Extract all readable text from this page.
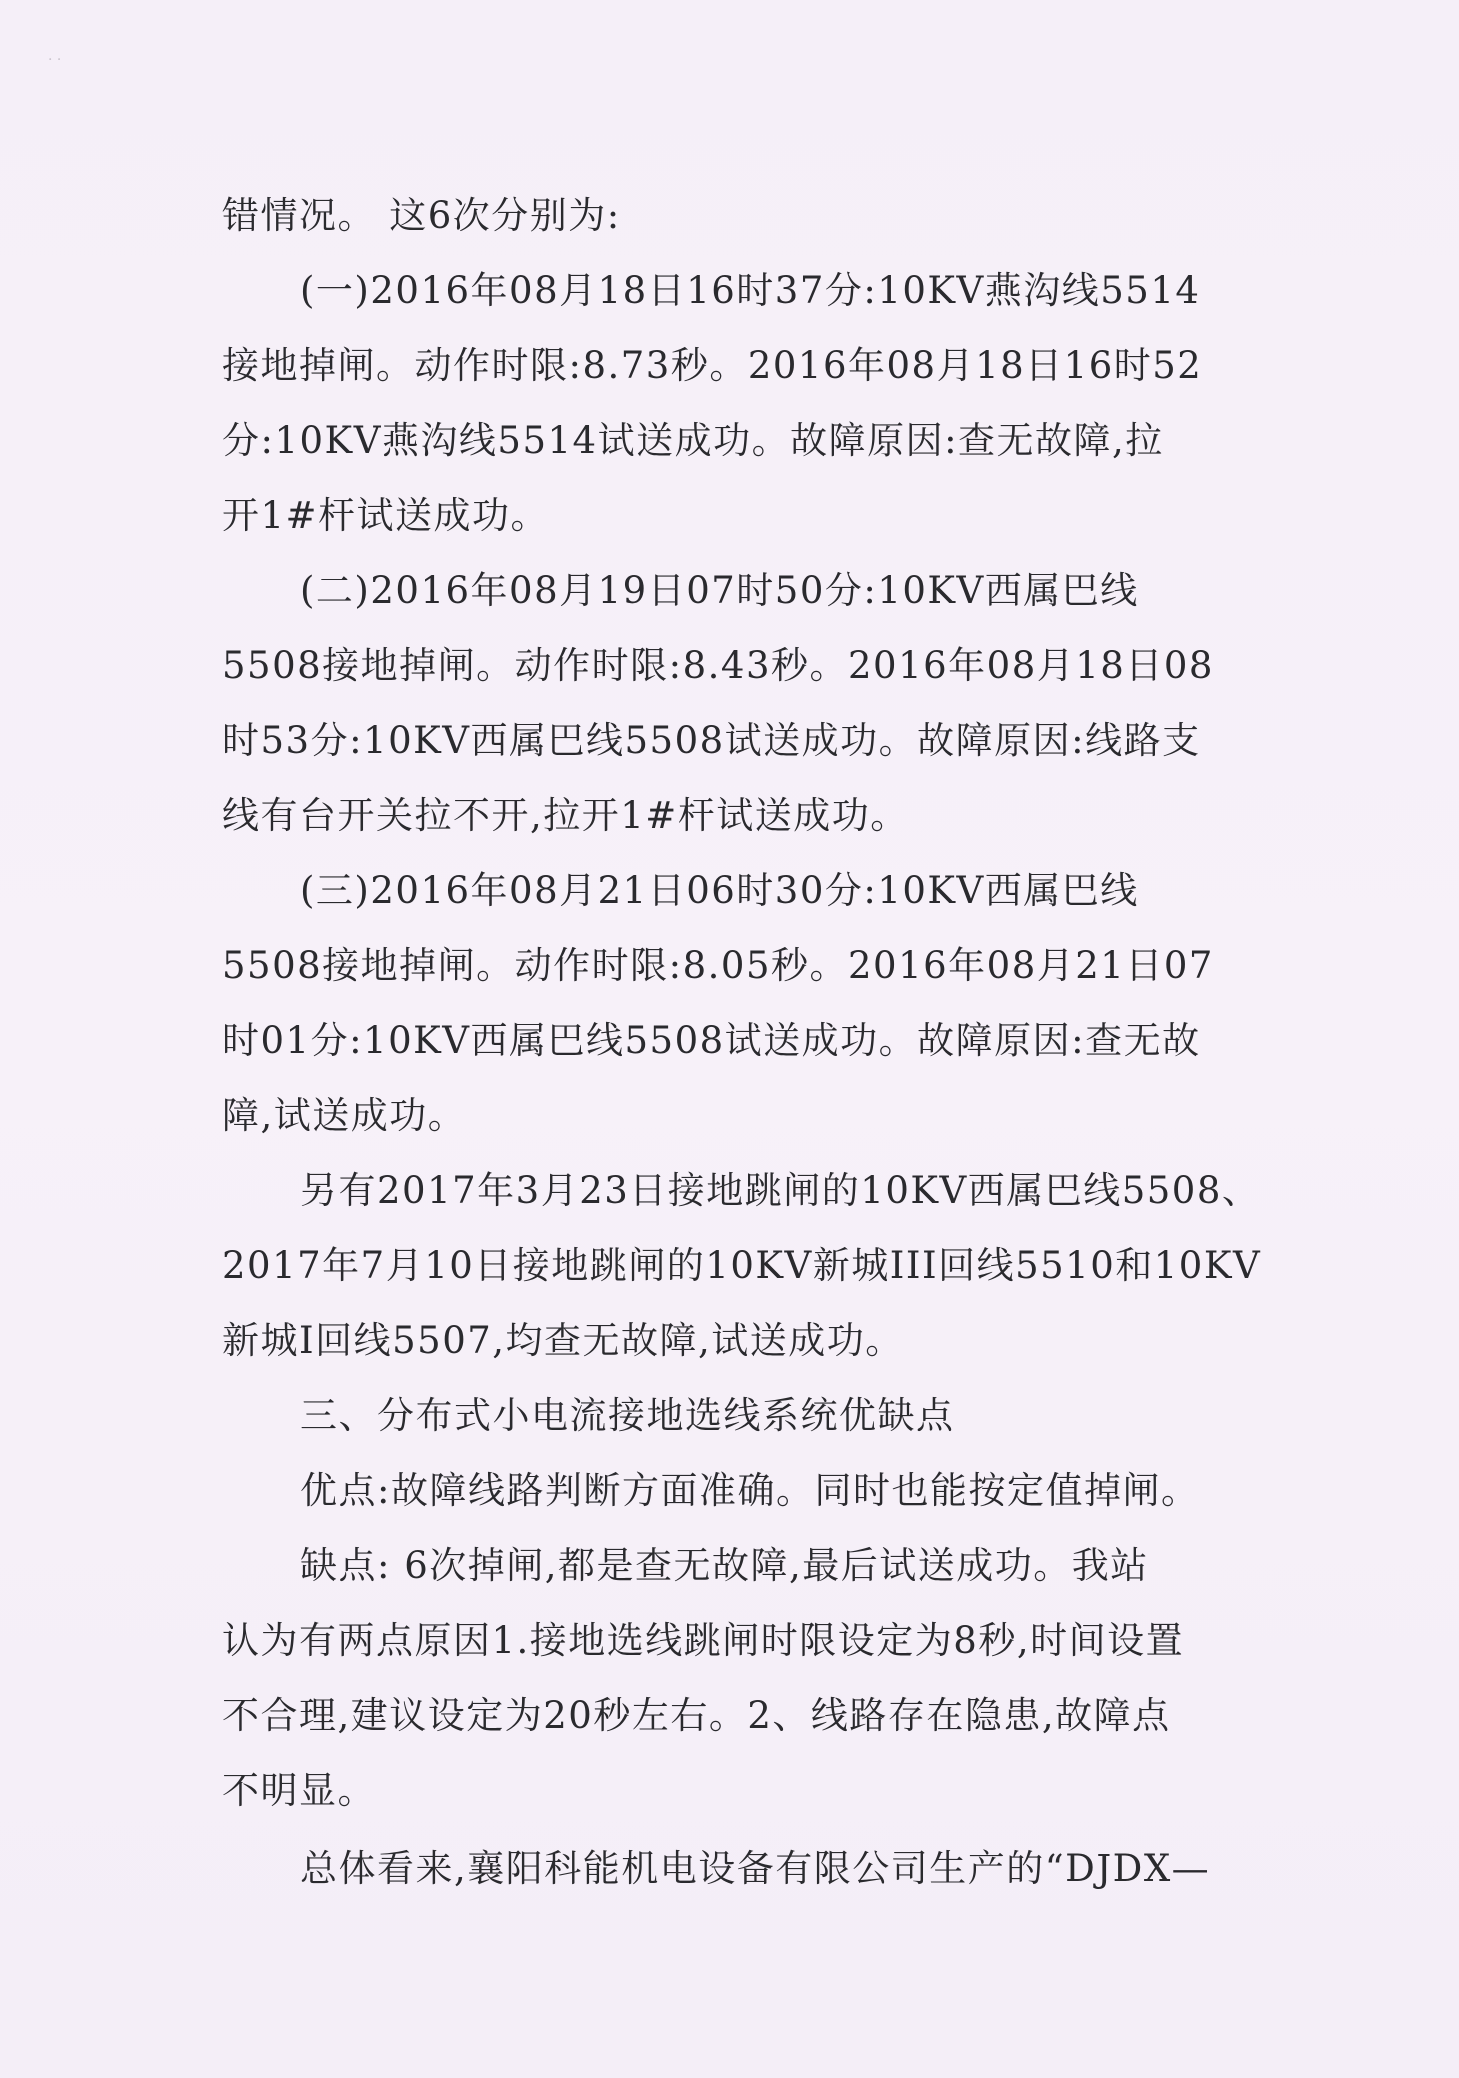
· ·
错情况。 这6次分别为:
(一)2016年08月18日16时37分:10KV燕沟线5514
接地掉闸。动作时限:8.73秒。2016年08月18日16时52
分:10KV燕沟线5514试送成功。故障原因:查无故障,拉
开1#杆试送成功。
(二)2016年08月19日07时50分:10KV西属巴线
5508接地掉闸。动作时限:8.43秒。2016年08月18日08
时53分:10KV西属巴线5508试送成功。故障原因:线路支
线有台开关拉不开,拉开1#杆试送成功。
(三)2016年08月21日06时30分:10KV西属巴线
5508接地掉闸。动作时限:8.05秒。2016年08月21日07
时01分:10KV西属巴线5508试送成功。故障原因:查无故
障,试送成功。
另有2017年3月23日接地跳闸的10KV西属巴线5508、
2017年7月10日接地跳闸的10KV新城III回线5510和10KV
新城I回线5507,均查无故障,试送成功。
三、分布式小电流接地选线系统优缺点
优点:故障线路判断方面准确。同时也能按定值掉闸。
缺点: 6次掉闸,都是查无故障,最后试送成功。我站
认为有两点原因1.接地选线跳闸时限设定为8秒,时间设置
不合理,建议设定为20秒左右。2、线路存在隐患,故障点
不明显。
总体看来,襄阳科能机电设备有限公司生产的“DJDX—
